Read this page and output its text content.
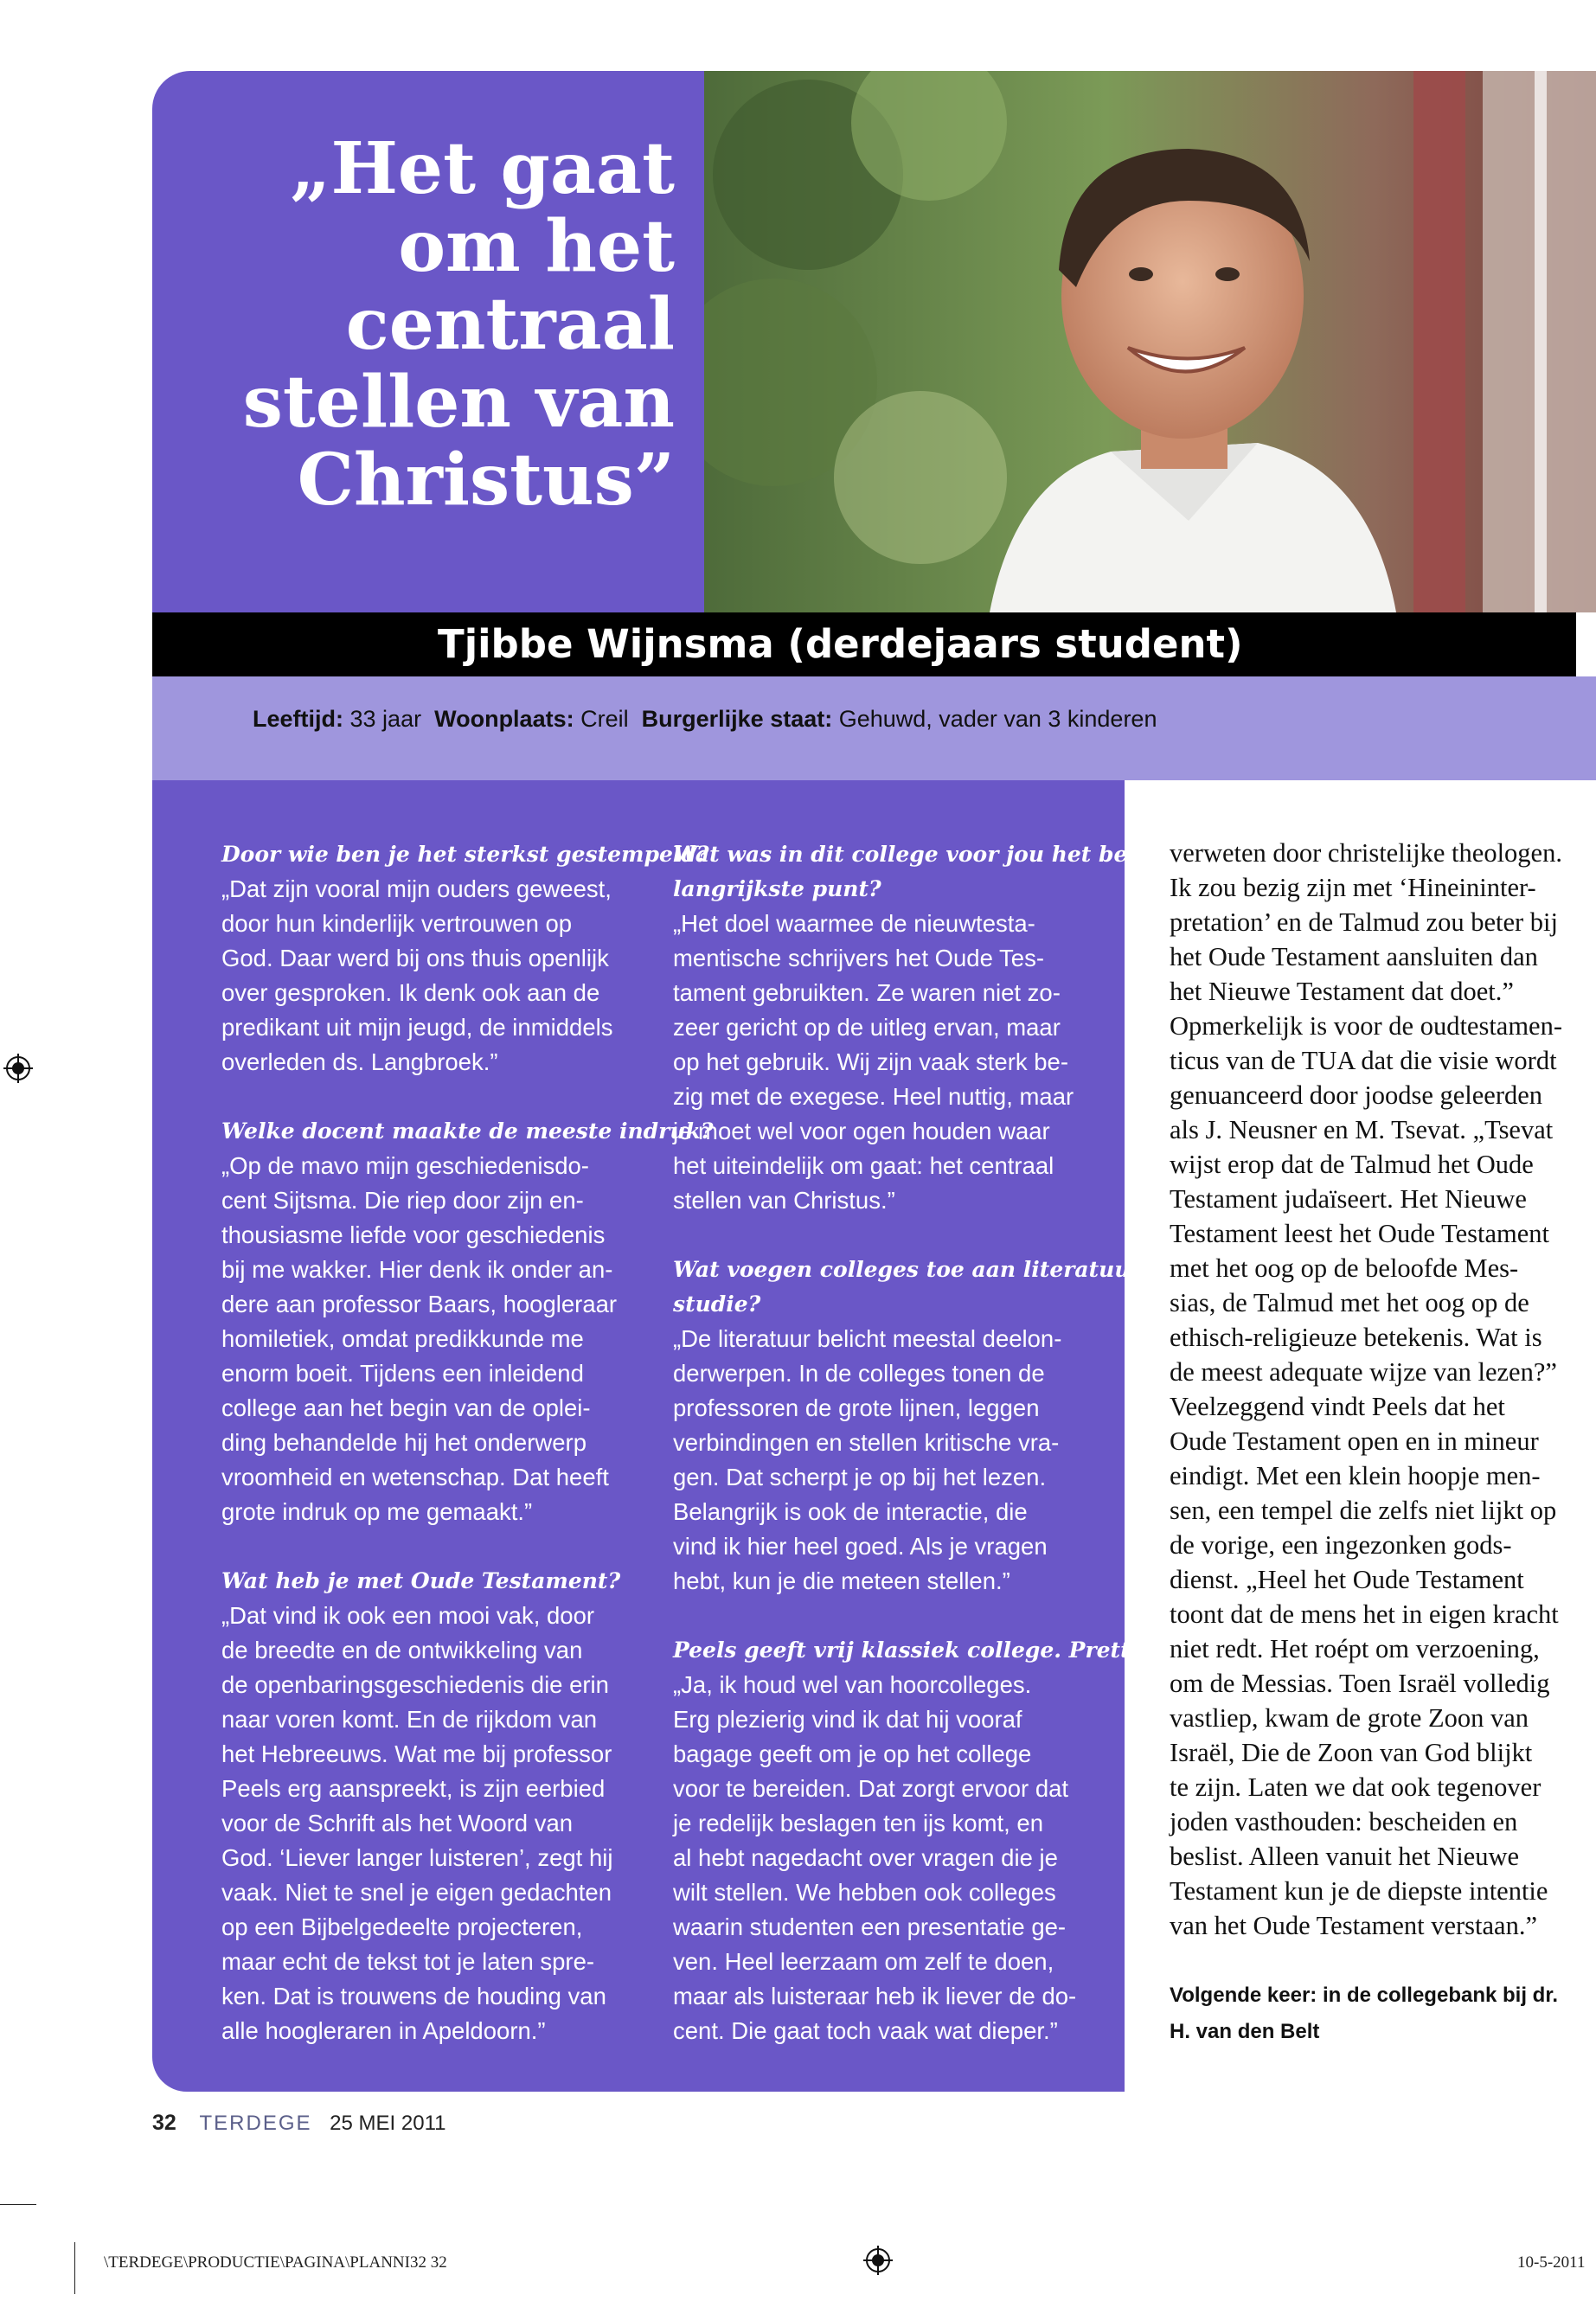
„Het gaat
om het
centraal
stellen van
Christus”
Tjibbe Wijnsma (derdejaars student)
Leeftijd: 33 jaar Woonplaats: Creil Burgerlijke staat: Gehuwd, vader van 3 kinderen

Door wie ben je het sterkst gestempeld?
„Dat zijn vooral mijn ouders geweest,
door hun kinderlijk vertrouwen op
God. Daar werd bij ons thuis openlijk
over gesproken. Ik denk ook aan de
predikant uit mijn jeugd, de inmiddels
overleden ds. Langbroek.”

Welke docent maakte de meeste indruk?
„Op de mavo mijn geschiedenisdo-
cent Sijtsma. Die riep door zijn en-
thousiasme liefde voor geschiedenis
bij me wakker. Hier denk ik onder an-
dere aan professor Baars, hoogleraar
homiletiek, omdat predikkunde me
enorm boeit. Tijdens een inleidend
college aan het begin van de oplei-
ding behandelde hij het onderwerp
vroomheid en wetenschap. Dat heeft
grote indruk op me gemaakt.”

Wat heb je met Oude Testament?
„Dat vind ik ook een mooi vak, door
de breedte en de ontwikkeling van
de openbaringsgeschiedenis die erin
naar voren komt. En de rijkdom van
het Hebreeuws. Wat me bij professor
Peels erg aanspreekt, is zijn eerbied
voor de Schrift als het Woord van
God. ‘Liever langer luisteren’, zegt hij
vaak. Niet te snel je eigen gedachten
op een Bijbelgedeelte projecteren,
maar echt de tekst tot je laten spre-
ken. Dat is trouwens de houding van
alle hoogleraren in Apeldoorn.”

Wat was in dit college voor jou het be-
langrijkste punt?
„Het doel waarmee de nieuwtesta-
mentische schrijvers het Oude Tes-
tament gebruikten. Ze waren niet zo-
zeer gericht op de uitleg ervan, maar
op het gebruik. Wij zijn vaak sterk be-
zig met de exegese. Heel nuttig, maar
je moet wel voor ogen houden waar
het uiteindelijk om gaat: het centraal
stellen van Christus.”

Wat voegen colleges toe aan literatuur-
studie?
„De literatuur belicht meestal deelon-
derwerpen. In de colleges tonen de
professoren de grote lijnen, leggen
verbindingen en stellen kritische vra-
gen. Dat scherpt je op bij het lezen.
Belangrijk is ook de interactie, die
vind ik hier heel goed. Als je vragen
hebt, kun je die meteen stellen.”

Peels geeft vrij klassiek college. Prettig?
„Ja, ik houd wel van hoorcolleges.
Erg plezierig vind ik dat hij vooraf
bagage geeft om je op het college
voor te bereiden. Dat zorgt ervoor dat
je redelijk beslagen ten ijs komt, en
al hebt nagedacht over vragen die je
wilt stellen. We hebben ook colleges
waarin studenten een presentatie ge-
ven. Heel leerzaam om zelf te doen,
maar als luisteraar heb ik liever de do-
cent. Die gaat toch vaak wat dieper.”

verweten door christelijke theologen.
Ik zou bezig zijn met ‘Hineininter-
pretation’ en de Talmud zou beter bij
het Oude Testament aansluiten dan
het Nieuwe Testament dat doet.”
Opmerkelijk is voor de oudtestamen-
ticus van de TUA dat die visie wordt
genuanceerd door joodse geleerden
als J. Neusner en M. Tsevat. „Tsevat
wijst erop dat de Talmud het Oude
Testament judaïseert. Het Nieuwe
Testament leest het Oude Testament
met het oog op de beloofde Mes-
sias, de Talmud met het oog op de
ethisch-religieuze betekenis. Wat is
de meest adequate wijze van lezen?”
Veelzeggend vindt Peels dat het
Oude Testament open en in mineur
eindigt. Met een klein hoopje men-
sen, een tempel die zelfs niet lijkt op
de vorige, een ingezonken gods-
dienst. „Heel het Oude Testament
toont dat de mens het in eigen kracht
niet redt. Het roépt om verzoening,
om de Messias. Toen Israël volledig
vastliep, kwam de grote Zoon van
Israël, Die de Zoon van God blijkt
te zijn. Laten we dat ook tegenover
joden vasthouden: bescheiden en
beslist. Alleen vanuit het Nieuwe
Testament kun je de diepste intentie
van het Oude Testament verstaan.”
Volgende keer: in de collegebank bij dr.
H. van den Belt
32 TERDEGE 25 MEI 2011
\TERDEGE\PRODUCTIE\PAGINA\PLANNI32 32	10-5-2011
